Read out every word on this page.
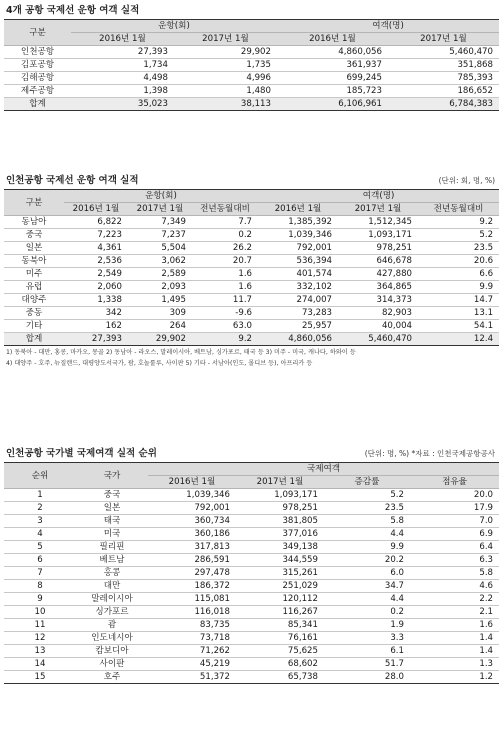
4개 공항 국제선 운항 여객 실적
구분	운항(회)		여객(명)	
	2016년 1월	2017년 1월	2016년 1월	2017년 1월
인천공항	27,393	29,902	4,860,056	5,460,470
김포공항	1,734	1,735	361,937	351,868
김해공항	4,498	4,996	699,245	785,393
제주공항	1,398	1,480	185,723	186,652
합계	35,023	38,113	6,106,961	6,784,383
인천공항 국제선 운항 여객 실적	(단위: 회, 명, %)
구분	운항(회)			여객(명)		
	2016년 1월	2017년 1월	전년동월대비	2016년 1월	2017년 1월	전년동월대비
동남아	6,822	7,349	7.7	1,385,392	1,512,345	9.2
중국	7,223	7,237	0.2	1,039,346	1,093,171	5.2
일본	4,361	5,504	26.2	792,001	978,251	23.5
동북아	2,536	3,062	20.7	536,394	646,678	20.6
미주	2,549	2,589	1.6	401,574	427,880	6.6
유럽	2,060	2,093	1.6	332,102	364,865	9.9
대양주	1,338	1,495	11.7	274,007	314,373	14.7
중동	342	309	-9.6	73,283	82,903	13.1
기타	162	264	63.0	25,957	40,004	54.1
합계	27,393	29,902	9.2	4,860,056	5,460,470	12.4
1) 동북아 - 대만, 홍콩, 마카오, 몽골 2) 동남아 - 라오스, 말레이시아, 베트남, 싱가포르, 태국 등 3) 미주 - 미국, 캐나다, 하와이 등
4) 대양주 - 호주, 뉴질랜드, 대평양도서국가, 괌, 호놀룰루, 사이판 5) 기타 - 서남아(인도, 몰디브 등), 아프리카 등
인천공항 국가별 국제여객 실적 순위	(단위: 명, %) *자료 : 인천국제공항공사
순위	국가	국제여객			
		2016년 1월	2017년 1월	증감률	점유율
1	중국	1,039,346	1,093,171	5.2	20.0
2	일본	792,001	978,251	23.5	17.9
3	태국	360,734	381,805	5.8	7.0
4	미국	360,186	377,016	4.4	6.9
5	필리핀	317,813	349,138	9.9	6.4
6	베트남	286,591	344,559	20.2	6.3
7	홍콩	297,478	315,261	6.0	5.8
8	대만	186,372	251,029	34.7	4.6
9	말레이시아	115,081	120,112	4.4	2.2
10	싱가포르	116,018	116,267	0.2	2.1
11	괌	83,735	85,341	1.9	1.6
12	인도네시아	73,718	76,161	3.3	1.4
13	캄보디아	71,262	75,625	6.1	1.4
14	사이판	45,219	68,602	51.7	1.3
15	호주	51,372	65,738	28.0	1.2
